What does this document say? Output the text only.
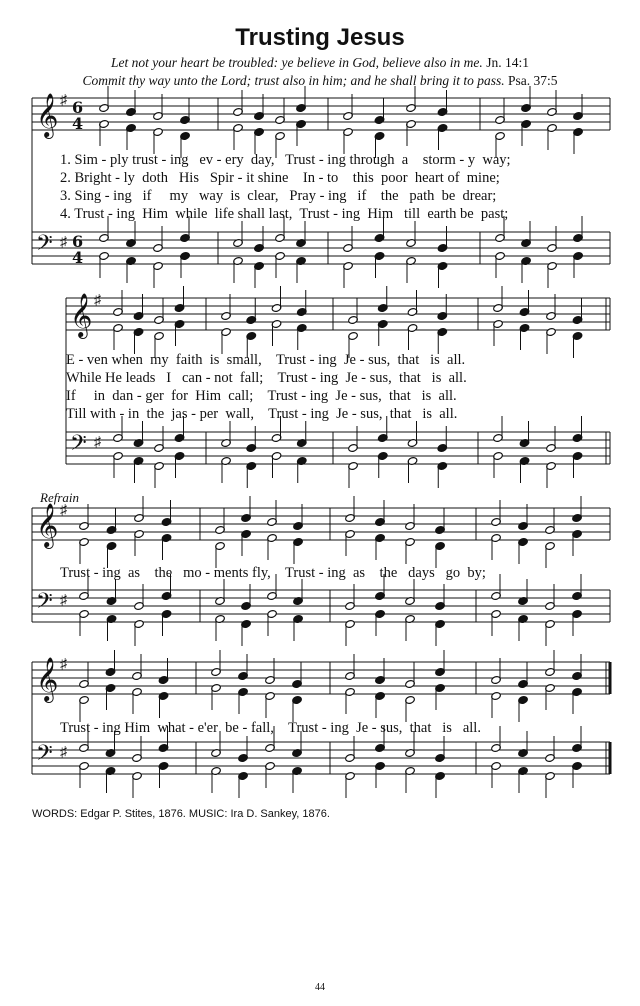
Trusting Jesus
Let not your heart be troubled: ye believe in God, believe also in me. Jn. 14:1
Commit thy way unto the Lord; trust also in him; and he shall bring it to pass. Psa. 37:5
𝄞 ♯ 6
4
𝄢 ♯ 6
4
𝄞 ♯
𝄢 ♯
𝄞 ♯
𝄢 ♯
𝄞 ♯
𝄢 ♯
1. Sim - ply trust - ing   ev - ery  day,   Trust - ing through  a    storm - y  way;
2. Bright - ly  doth   His   Spir - it shine    In - to    this  poor  heart of  mine;
3. Sing - ing   if     my   way  is  clear,   Pray - ing   if    the   path  be  drear;
4. Trust - ing  Him  while  life shall last,  Trust - ing  Him   till  earth be  past;
E - ven when  my  faith  is  small,    Trust - ing  Je - sus,  that   is  all.
While He leads   I   can - not  fall;    Trust - ing  Je - sus,  that   is  all.
If     in  dan - ger  for  Him  call;    Trust - ing  Je - sus,  that   is  all.
Till with - in  the  jas - per  wall,    Trust - ing  Je - sus,  that   is  all.
Refrain
Trust - ing  as    the   mo - ments fly,    Trust - ing  as    the   days   go  by;
Trust - ing Him  what - e'er  be - fall,    Trust - ing  Je - sus,  that   is   all.
WORDS: Edgar P. Stites, 1876. MUSIC: Ira D. Sankey, 1876.
44
